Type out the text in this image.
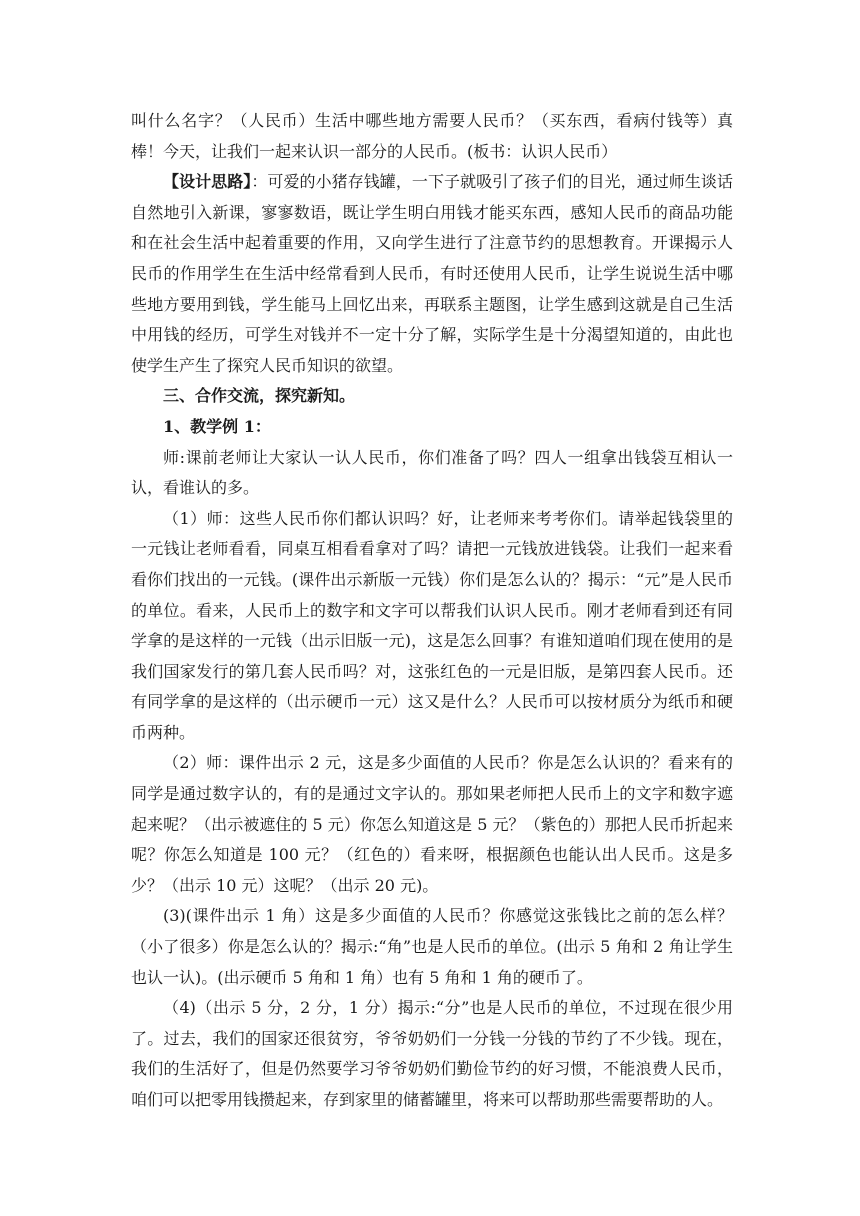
叫什么名字？（人民币）生活中哪些地方需要人民币？（买东西，看病付钱等）真棒！今天，让我们一起来认识一部分的人民币。(板书：认识人民币）

【设计思路】：可爱的小猪存钱罐，一下子就吸引了孩子们的目光，通过师生谈话自然地引入新课，寥寥数语，既让学生明白用钱才能买东西，感知人民币的商品功能和在社会生活中起着重要的作用，又向学生进行了注意节约的思想教育。开课揭示人民币的作用学生在生活中经常看到人民币，有时还使用人民币，让学生说说生活中哪些地方要用到钱，学生能马上回忆出来，再联系主题图，让学生感到这就是自己生活中用钱的经历，可学生对钱并不一定十分了解，实际学生是十分渴望知道的，由此也使学生产生了探究人民币知识的欲望。

三、合作交流，探究新知。

1、教学例 1：

师:课前老师让大家认一认人民币，你们准备了吗？四人一组拿出钱袋互相认一认，看谁认的多。

（1）师：这些人民币你们都认识吗？好，让老师来考考你们。请举起钱袋里的一元钱让老师看看，同桌互相看看拿对了吗？请把一元钱放进钱袋。让我们一起来看看你们找出的一元钱。(课件出示新版一元钱）你们是怎么认的？揭示：“元”是人民币的单位。看来，人民币上的数字和文字可以帮我们认识人民币。刚才老师看到还有同学拿的是这样的一元钱（出示旧版一元)，这是怎么回事？有谁知道咱们现在使用的是我们国家发行的第几套人民币吗？对，这张红色的一元是旧版，是第四套人民币。还有同学拿的是这样的（出示硬币一元）这又是什么？人民币可以按材质分为纸币和硬币两种。

（2）师：课件出示 2 元，这是多少面值的人民币？你是怎么认识的？看来有的同学是通过数字认的，有的是通过文字认的。那如果老师把人民币上的文字和数字遮起来呢？（出示被遮住的 5 元）你怎么知道这是 5 元？（紫色的）那把人民币折起来呢？你怎么知道是 100 元？（红色的）看来呀，根据颜色也能认出人民币。这是多少？（出示 10 元）这呢？（出示 20 元)。

(3)(课件出示 1 角）这是多少面值的人民币？你感觉这张钱比之前的怎么样？（小了很多）你是怎么认的？揭示:“角”也是人民币的单位。(出示 5 角和 2 角让学生也认一认)。(出示硬币 5 角和 1 角）也有 5 角和 1 角的硬币了。

（4)（出示 5 分，2 分，1 分）揭示:“分”也是人民币的单位，不过现在很少用了。过去，我们的国家还很贫穷，爷爷奶奶们一分钱一分钱的节约了不少钱。现在，我们的生活好了，但是仍然要学习爷爷奶奶们勤俭节约的好习惯，不能浪费人民币，咱们可以把零用钱攒起来，存到家里的储蓄罐里，将来可以帮助那些需要帮助的人。
